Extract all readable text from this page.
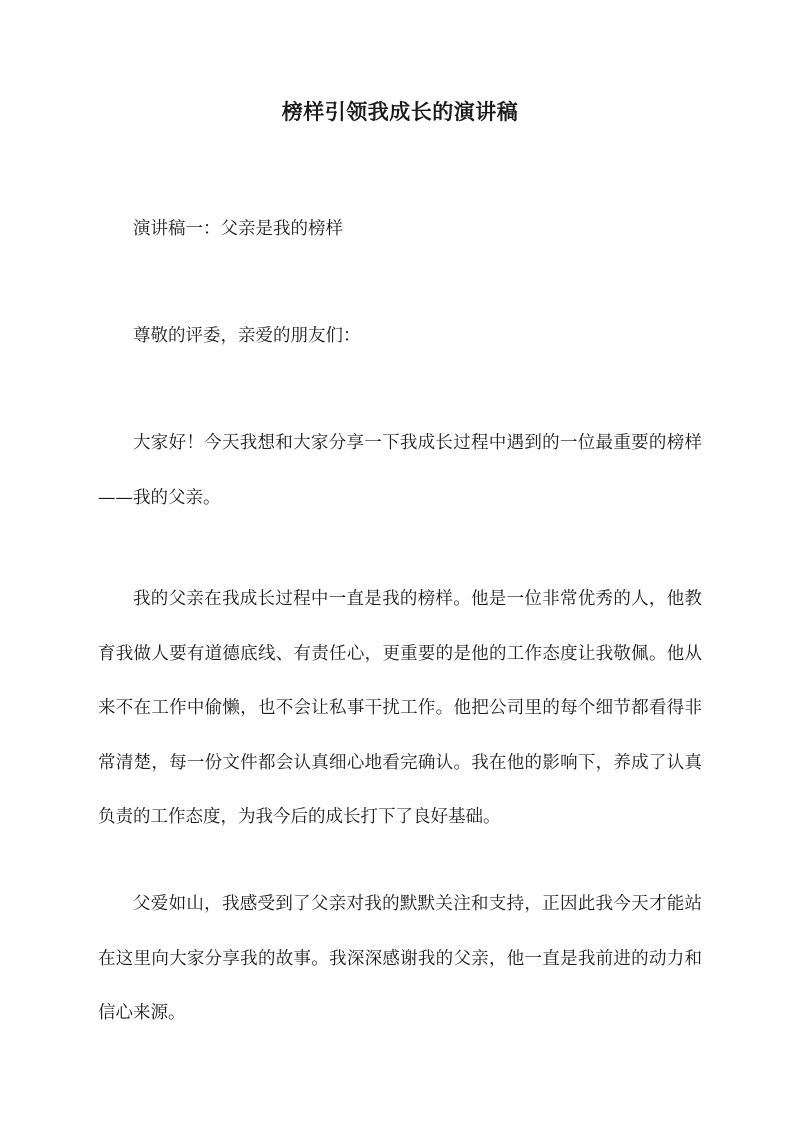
榜样引领我成长的演讲稿

演讲稿一：父亲是我的榜样

尊敬的评委，亲爱的朋友们：

大家好！今天我想和大家分享一下我成长过程中遇到的一位最重要的榜样——我的父亲。

我的父亲在我成长过程中一直是我的榜样。他是一位非常优秀的人，他教育我做人要有道德底线、有责任心，更重要的是他的工作态度让我敬佩。他从来不在工作中偷懒，也不会让私事干扰工作。他把公司里的每个细节都看得非常清楚，每一份文件都会认真细心地看完确认。我在他的影响下，养成了认真负责的工作态度，为我今后的成长打下了良好基础。

父爱如山，我感受到了父亲对我的默默关注和支持，正因此我今天才能站在这里向大家分享我的故事。我深深感谢我的父亲，他一直是我前进的动力和信心来源。
